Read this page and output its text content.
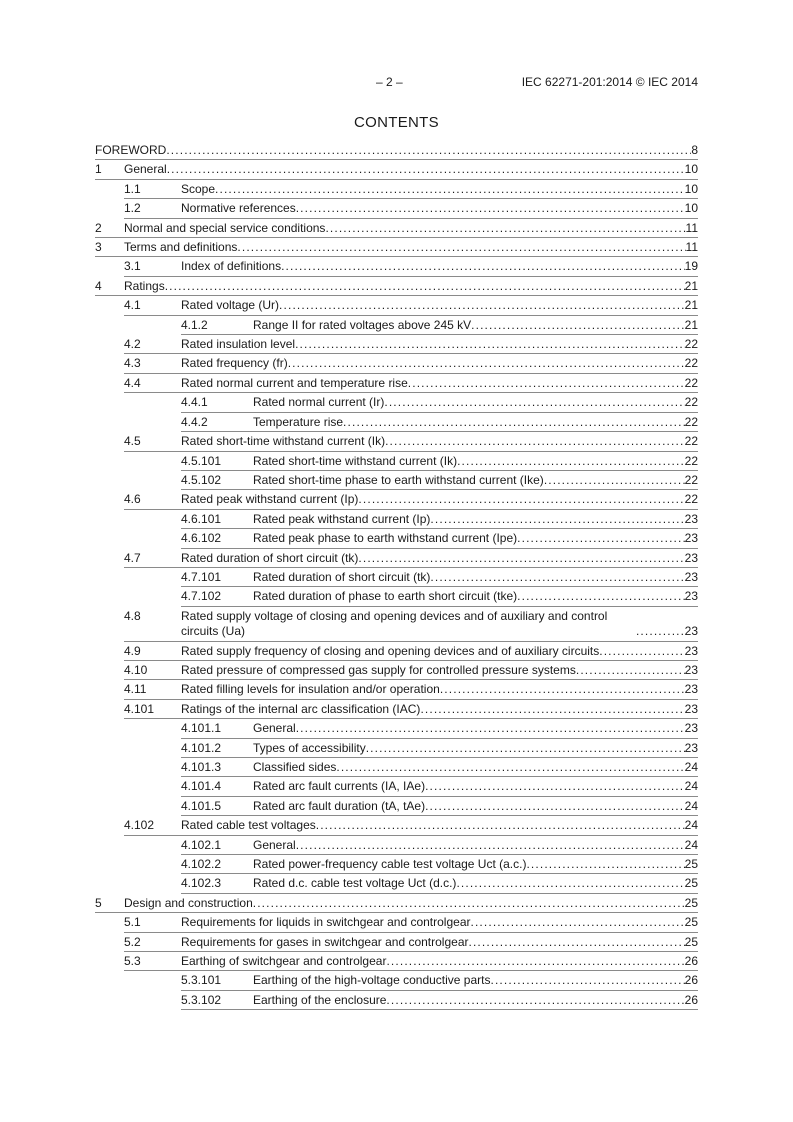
– 2 –	IEC 62271-201:2014 © IEC 2014
CONTENTS
FOREWORD . . .	8
1	General . . .	10
1.1	Scope . . .	10
1.2	Normative references . . .	10
2	Normal and special service conditions . . .	11
3	Terms and definitions . . .	11
3.1	Index of definitions . . .	19
4	Ratings . . .	21
4.1	Rated voltage (Ur) . . .	21
4.1.2	Range II for rated voltages above 245 kV . . .	21
4.2	Rated insulation level . . .	22
4.3	Rated frequency (fr) . . .	22
4.4	Rated normal current and temperature rise . . .	22
4.4.1	Rated normal current (Ir) . . .	22
4.4.2	Temperature rise . . .	22
4.5	Rated short-time withstand current (Ik) . . .	22
4.5.101	Rated short-time withstand current (Ik) . . .	22
4.5.102	Rated short-time phase to earth withstand current (Ike) . . .	22
4.6	Rated peak withstand current (Ip) . . .	22
4.6.101	Rated peak withstand current (Ip) . . .	23
4.6.102	Rated peak phase to earth withstand current (Ipe) . . .	23
4.7	Rated duration of short circuit (tk) . . .	23
4.7.101	Rated duration of short circuit (tk) . . .	23
4.7.102	Rated duration of phase to earth short circuit (tke) . . .	23
4.8	Rated supply voltage of closing and opening devices and of auxiliary and control circuits (Ua) . . .	23
4.9	Rated supply frequency of closing and opening devices and of auxiliary circuits . . .	23
4.10	Rated pressure of compressed gas supply for controlled pressure systems . . .	23
4.11	Rated filling levels for insulation and/or operation . . .	23
4.101	Ratings of the internal arc classification (IAC) . . .	23
4.101.1	General . . .	23
4.101.2	Types of accessibility . . .	23
4.101.3	Classified sides . . .	24
4.101.4	Rated arc fault currents (IA, IAe) . . .	24
4.101.5	Rated arc fault duration (tA, tAe) . . .	24
4.102	Rated cable test voltages . . .	24
4.102.1	General . . .	24
4.102.2	Rated power-frequency cable test voltage Uct (a.c.) . . .	25
4.102.3	Rated d.c. cable test voltage Uct (d.c.) . . .	25
5	Design and construction . . .	25
5.1	Requirements for liquids in switchgear and controlgear . . .	25
5.2	Requirements for gases in switchgear and controlgear . . .	25
5.3	Earthing of switchgear and controlgear . . .	26
5.3.101	Earthing of the high-voltage conductive parts . . .	26
5.3.102	Earthing of the enclosure . . .	26
